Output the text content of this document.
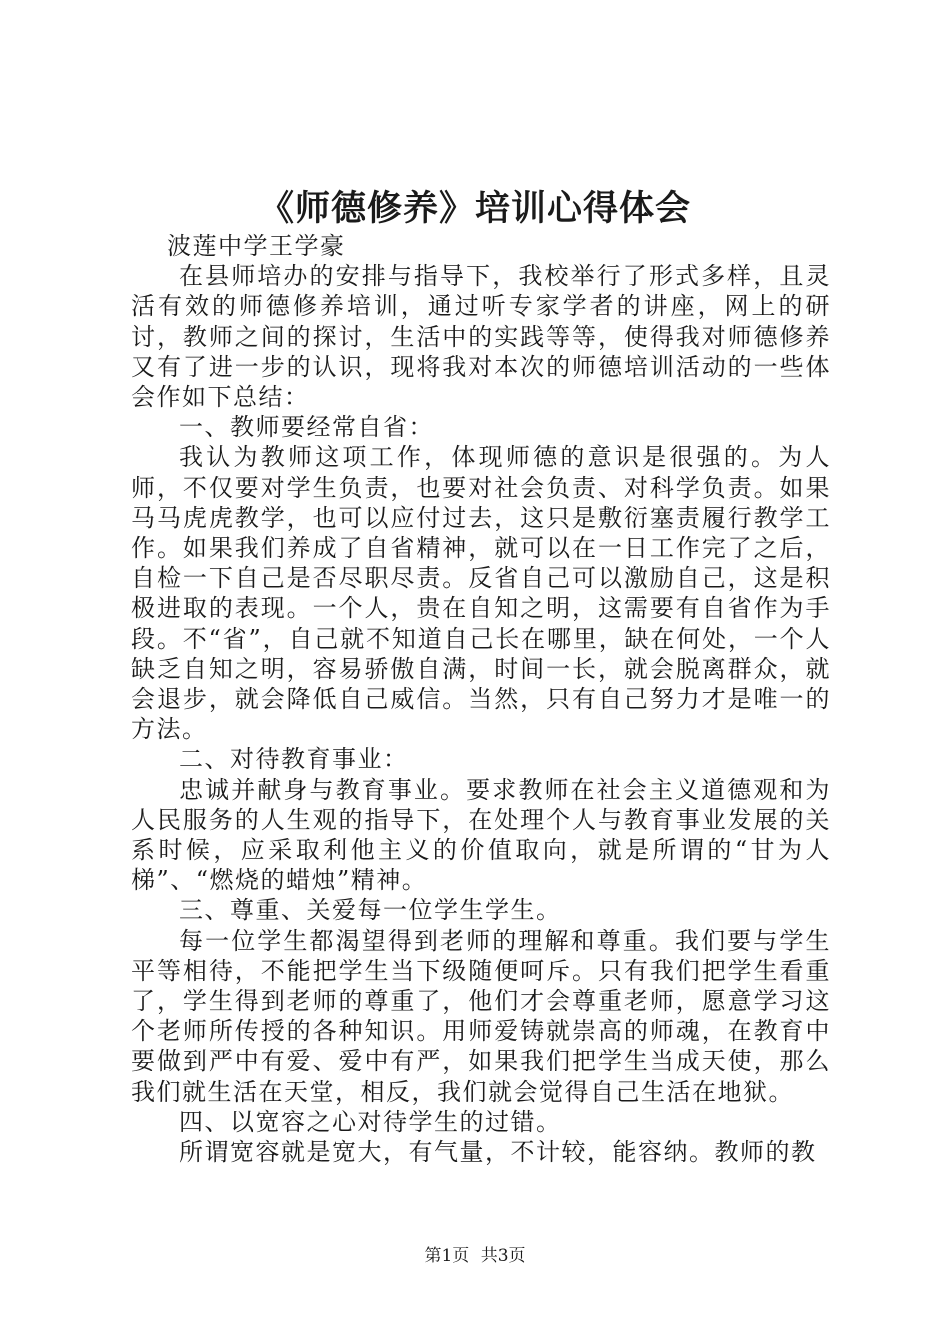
《师德修养》培训心得体会

波莲中学王学豪

在县师培办的安排与指导下，我校举行了形式多样，且灵活有效的师德修养培训，通过听专家学者的讲座，网上的研讨，教师之间的探讨，生活中的实践等等，使得我对师德修养又有了进一步的认识，现将我对本次的师德培训活动的一些体会作如下总结：

一、教师要经常自省：

我认为教师这项工作，体现师德的意识是很强的。为人师，不仅要对学生负责，也要对社会负责、对科学负责。如果马马虎虎教学，也可以应付过去，这只是敷衍塞责履行教学工作。如果我们养成了自省精神，就可以在一日工作完了之后，自检一下自己是否尽职尽责。反省自己可以激励自己，这是积极进取的表现。一个人，贵在自知之明，这需要有自省作为手段。不“省”，自己就不知道自己长在哪里，缺在何处，一个人缺乏自知之明，容易骄傲自满，时间一长，就会脱离群众，就会退步，就会降低自己威信。当然，只有自己努力才是唯一的方法。

二、对待教育事业：

忠诚并献身与教育事业。要求教师在社会主义道德观和为人民服务的人生观的指导下，在处理个人与教育事业发展的关系时候，应采取利他主义的价值取向，就是所谓的“甘为人梯”、“燃烧的蜡烛”精神。

三、尊重、关爱每一位学生学生。

每一位学生都渴望得到老师的理解和尊重。我们要与学生平等相待，不能把学生当下级随便呵斥。只有我们把学生看重了，学生得到老师的尊重了，他们才会尊重老师，愿意学习这个老师所传授的各种知识。用师爱铸就崇高的师魂，在教育中要做到严中有爱、爱中有严，如果我们把学生当成天使，那么我们就生活在天堂，相反，我们就会觉得自己生活在地狱。

四、以宽容之心对待学生的过错。

所谓宽容就是宽大，有气量，不计较，能容纳。教师的教

第1页 共3页
